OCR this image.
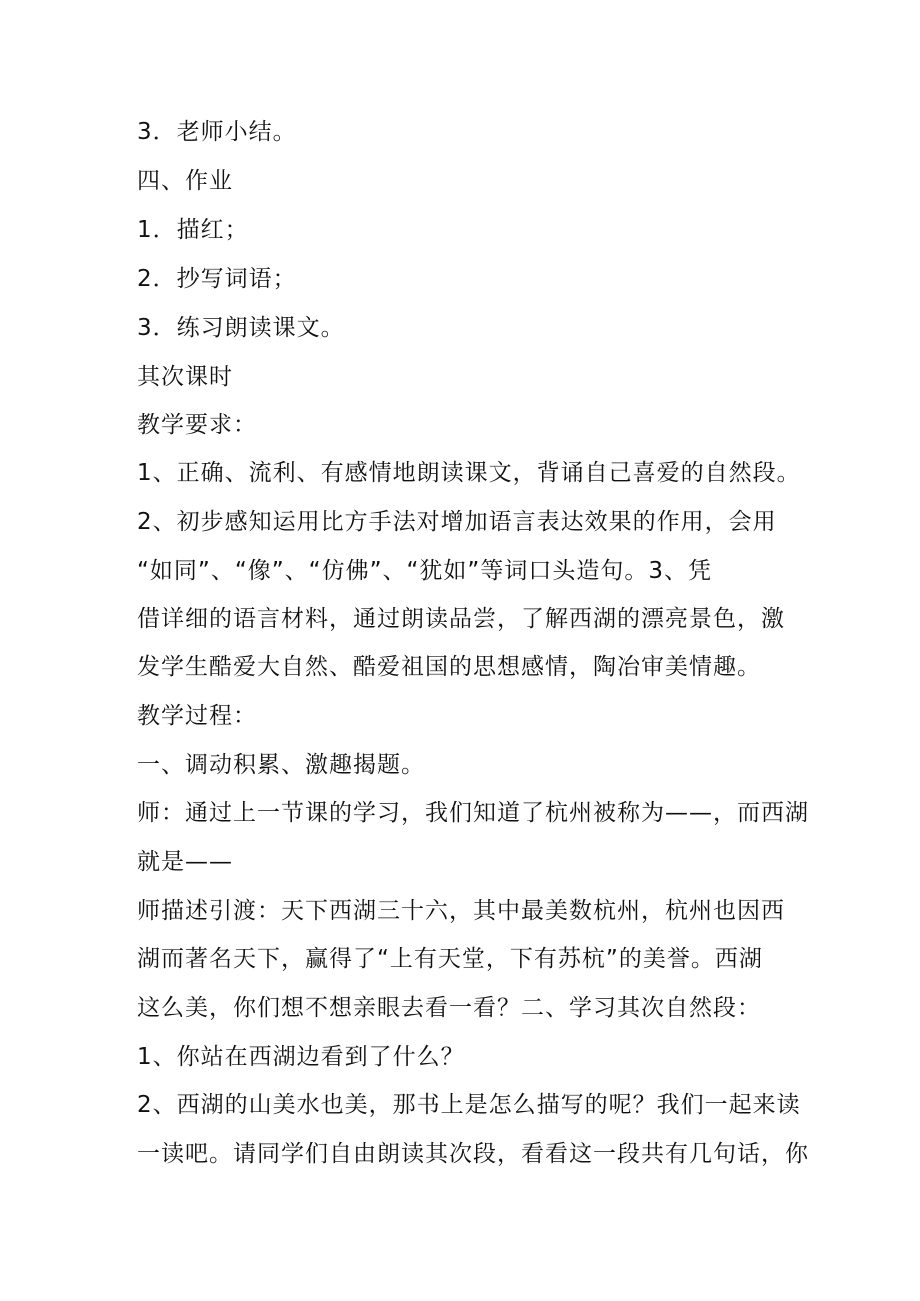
3．老师小结。
四、作业
1．描红；
2．抄写词语；
3．练习朗读课文。
其次课时
教学要求：
1、正确、流利、有感情地朗读课文，背诵自己喜爱的自然段。
2、初步感知运用比方手法对增加语言表达效果的作用，会用
“如同”、“像”、“仿佛”、“犹如”等词口头造句。3、凭
借详细的语言材料，通过朗读品尝，了解西湖的漂亮景色，激
发学生酷爱大自然、酷爱祖国的思想感情，陶冶审美情趣。
教学过程：
一、调动积累、激趣揭题。
师：通过上一节课的学习，我们知道了杭州被称为——，而西湖
就是——
师描述引渡：天下西湖三十六，其中最美数杭州，杭州也因西
湖而著名天下，赢得了“上有天堂，下有苏杭”的美誉。西湖
这么美，你们想不想亲眼去看一看？二、学习其次自然段：
1、你站在西湖边看到了什么？
2、西湖的山美水也美，那书上是怎么描写的呢？我们一起来读
一读吧。请同学们自由朗读其次段，看看这一段共有几句话，你
